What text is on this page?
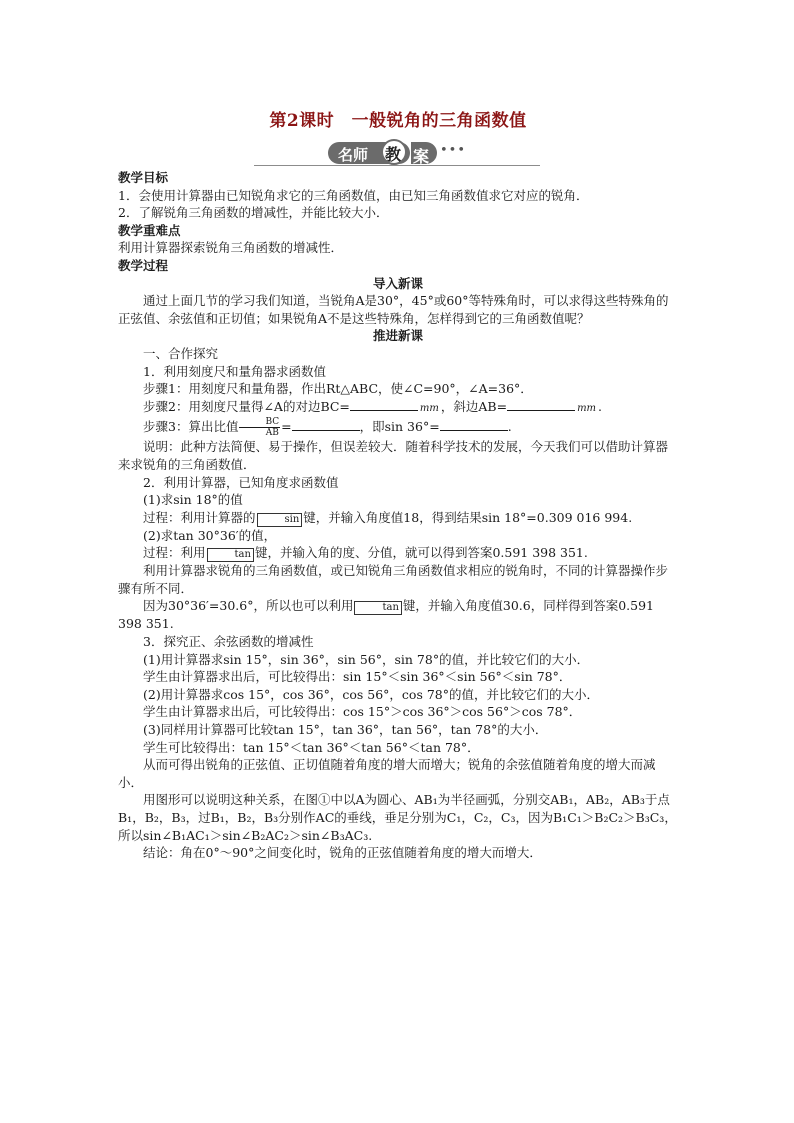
第2课时　一般锐角的三角函数值
名师 教 案 •••

教学目标

1．会使用计算器由已知锐角求它的三角函数值，由已知三角函数值求它对应的锐角．

2．了解锐角三角函数的增减性，并能比较大小．

教学重难点

利用计算器探索锐角三角函数的增减性．

教学过程

导入新课

通过上面几节的学习我们知道，当锐角A是30°，45°或60°等特殊角时，可以求得这些特殊角的正弦值、余弦值和正切值；如果锐角A不是这些特殊角，怎样得到它的三角函数值呢？

推进新课

一、合作探究

1．利用刻度尺和量角器求函数值

步骤1：用刻度尺和量角器，作出Rt△ABC，使∠C=90°，∠A=36°．

步骤2：用刻度尺量得∠A的对边BC=	mm ，斜边AB=	mm .

步骤3：算出比值 $\frac{BC}{AB}$ =	，即sin 36°=	.

说明：此种方法简便、易于操作，但误差较大．随着科学技术的发展，今天我们可以借助计算器来求锐角的三角函数值．

2．利用计算器，已知角度求函数值

(1)求sin 18°的值

过程：利用计算器的	sin 键，并输入角度值18，得到结果sin 18°=0.309 016 994.

(2)求tan 30°36′的值，

过程：利用	tan 键，并输入角的度、分值，就可以得到答案0.591 398 351.

利用计算器求锐角的三角函数值，或已知锐角三角函数值求相应的锐角时，不同的计算器操作步骤有所不同．

因为30°36′=30.6°，所以也可以利用	tan 键，并输入角度值30.6，同样得到答案0.591 398 351.

3．探究正、余弦函数的增减性

(1)用计算器求sin 15°，sin 36°，sin 56°，sin 78°的值，并比较它们的大小．

学生由计算器求出后，可比较得出：sin 15°＜sin 36°＜sin 56°＜sin 78°．

(2)用计算器求cos 15°，cos 36°，cos 56°，cos 78°的值，并比较它们的大小．

学生由计算器求出后，可比较得出：cos 15°＞cos 36°＞cos 56°＞cos 78°．

(3)同样用计算器可比较tan 15°，tan 36°，tan 56°，tan 78°的大小．

学生可比较得出：tan 15°＜tan 36°＜tan 56°＜tan 78°．

从而可得出锐角的正弦值、正切值随着角度的增大而增大；锐角的余弦值随着角度的增大而减小．

用图形可以说明这种关系，在图①中以A为圆心、AB₁为半径画弧，分别交AB₁，AB₂，AB₃于点B₁，B₂，B₃，过B₁，B₂，B₃分别作AC的垂线，垂足分别为C₁，C₂，C₃，因为B₁C₁＞B₂C₂＞B₃C₃，所以sin∠B₁AC₁＞sin∠B₂AC₂＞sin∠B₃AC₃.

结论：角在0°～90°之间变化时，锐角的正弦值随着角度的增大而增大．
